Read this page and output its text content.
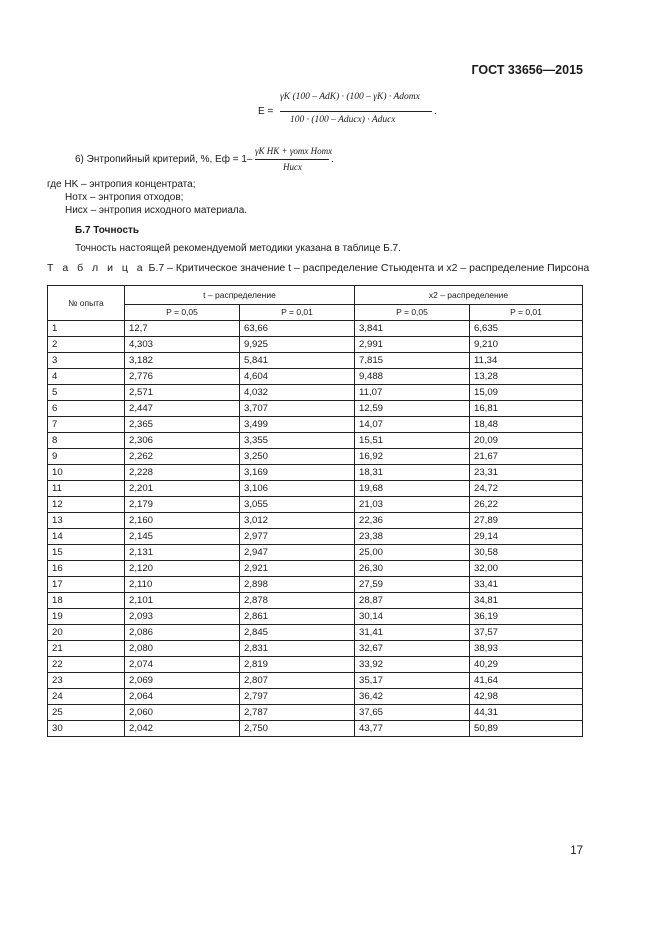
ГОСТ 33656—2015
E =
γK (100 – AdK) · (100 – γK) · Adотх
100 · (100 – Adисх) · Adисх
.
6) Энтропийный критерий, %, Eф = 1–
γK HK + γотх Hотх
Hисх
.
где HK – энтропия концентрата;
Hотх – энтропия отходов;
Hисх – энтропия исходного материала.
Б.7 Точность
Точность настоящей рекомендуемой методики указана в таблице Б.7.
Т а б л и ц а Б.7 – Критическое значение t – распределение Стьюдента и x2 – распределение Пирсона
№ опыта	t – распределение		x2 – распределение	
	P = 0,05	P = 0,01	P = 0,05	P = 0,01
1	12,7	63,66	3,841	6,635
2	4,303	9,925	2,991	9,210
3	3,182	5,841	7,815	11,34
4	2,776	4,604	9,488	13,28
5	2,571	4,032	11,07	15,09
6	2,447	3,707	12,59	16,81
7	2,365	3,499	14,07	18,48
8	2,306	3,355	15,51	20,09
9	2,262	3,250	16,92	21,67
10	2,228	3,169	18,31	23,31
11	2,201	3,106	19,68	24,72
12	2,179	3,055	21,03	26,22
13	2,160	3,012	22,36	27,89
14	2,145	2,977	23,38	29,14
15	2,131	2,947	25,00	30,58
16	2,120	2,921	26,30	32,00
17	2,110	2,898	27,59	33,41
18	2,101	2,878	28,87	34,81
19	2,093	2,861	30,14	36,19
20	2,086	2,845	31,41	37,57
21	2,080	2,831	32,67	38,93
22	2,074	2,819	33,92	40,29
23	2,069	2,807	35,17	41,64
24	2,064	2,797	36,42	42,98
25	2,060	2,787	37,65	44,31
30	2,042	2,750	43,77	50,89
17
